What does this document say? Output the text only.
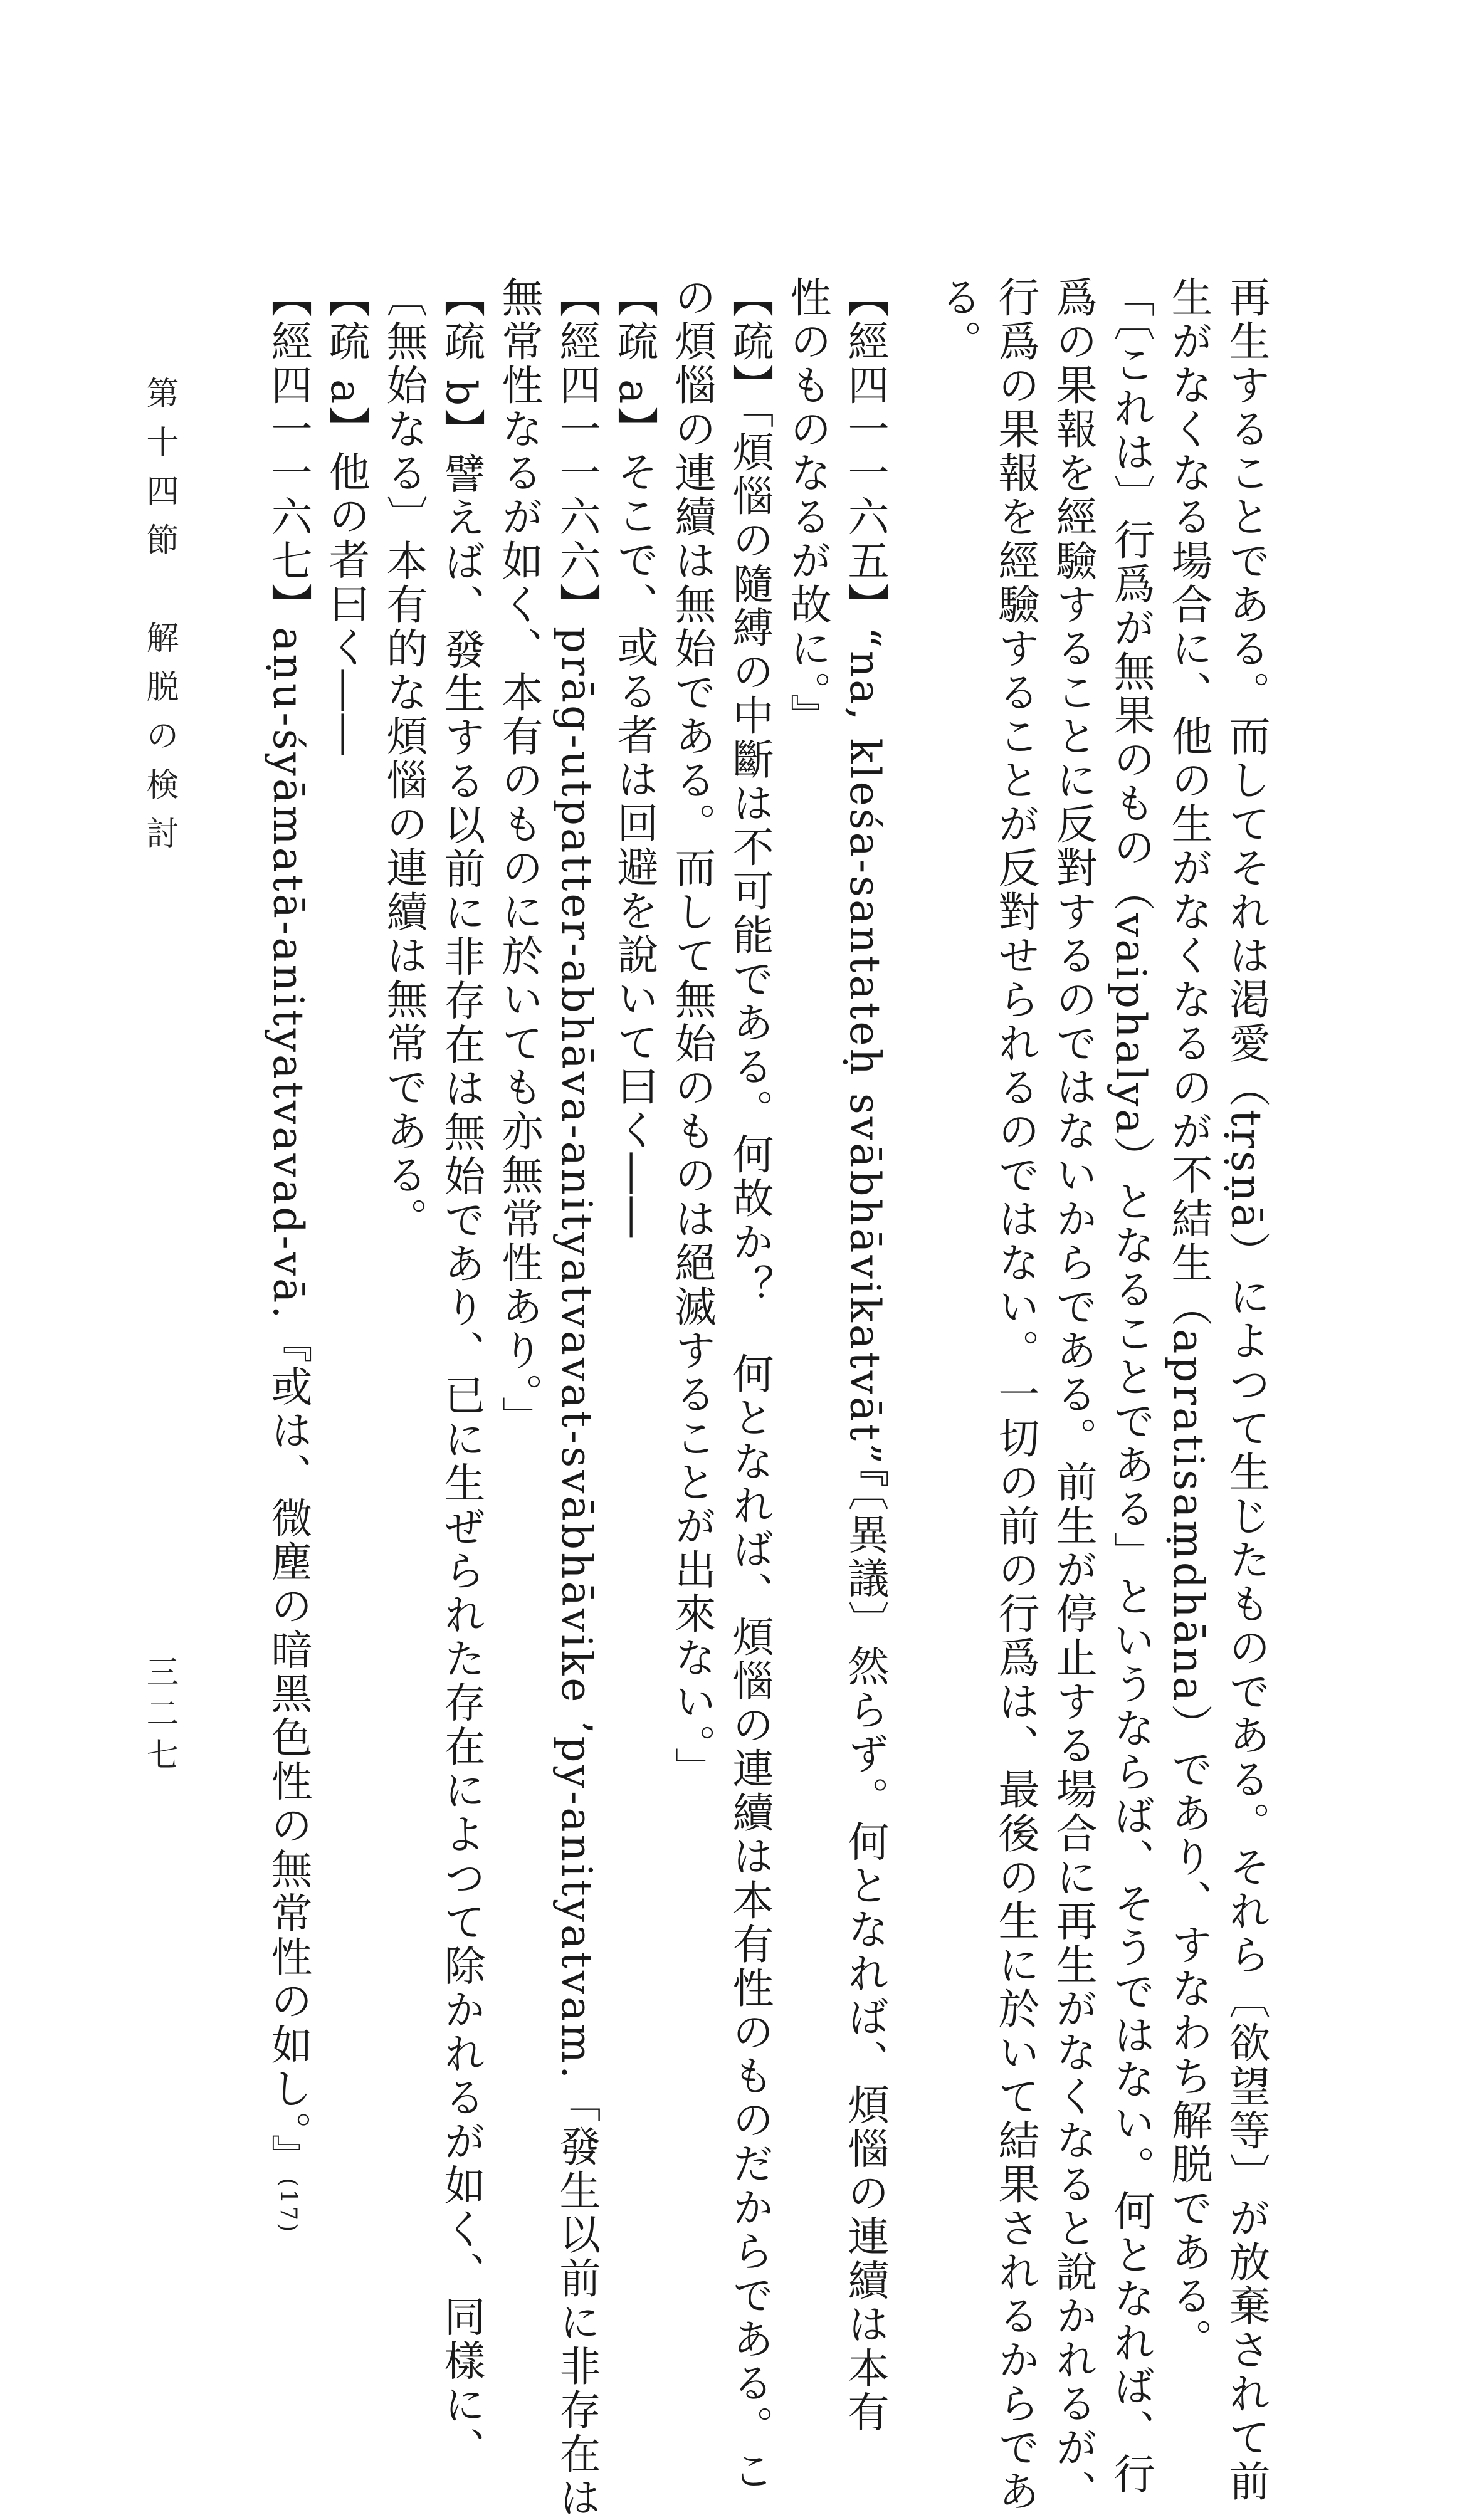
再生することである。而してそれは渇愛（tṛṣṇā）によつて生じたものである。それら〔欲望等〕が放棄されて前
生がなくなる場合に、他の生がなくなるのが不結生（apratisaṃdhāna）であり、すなわち解脱である。
「〔これは〕行爲が無果のもの（vaiphalya）となることである」というならば、そうではない。何となれば、行
爲の果報を經驗することに反對するのではないからである。前生が停止する場合に再生がなくなると說かれるが、
行爲の果報を經驗することが反對せられるのではない。一切の前の行爲は、最後の生に於いて結果されるからであ
る。
【經四一一六五】“na, kleśa-santateḥ svābhāvikatvāt”『〔異議〕然らず。何となれば、煩惱の連續は本有
性のものなるが故に。』
【疏】「煩惱の隨縛の中斷は不可能である。何故か？　何となれば、煩惱の連續は本有性のものだからである。こ
の煩惱の連續は無始である。而して無始のものは絕滅することが出來ない。」
【疏 a】そこで、或る者は回避を說いて曰く――
【經四一一六六】prāg-utpatter-abhāva-anityatvavat-svābhāvike ’py-anityatvam.「發生以前に非存在は
無常性なるが如く、本有のものに於いても亦無常性あり。」
【疏 b】譬えば、發生する以前に非存在は無始であり、已に生ぜられた存在によつて除かれるが如く、同樣に、
〔無始なる〕本有的な煩惱の連續は無常である。
【疏 a】他の者曰く――
【經四一一六七】aṇu-śyāmatā-anityatvavad-vā.『或は、微塵の暗黑色性の無常性の如し。』(17)
第十四節　解脱の検討
三二七
